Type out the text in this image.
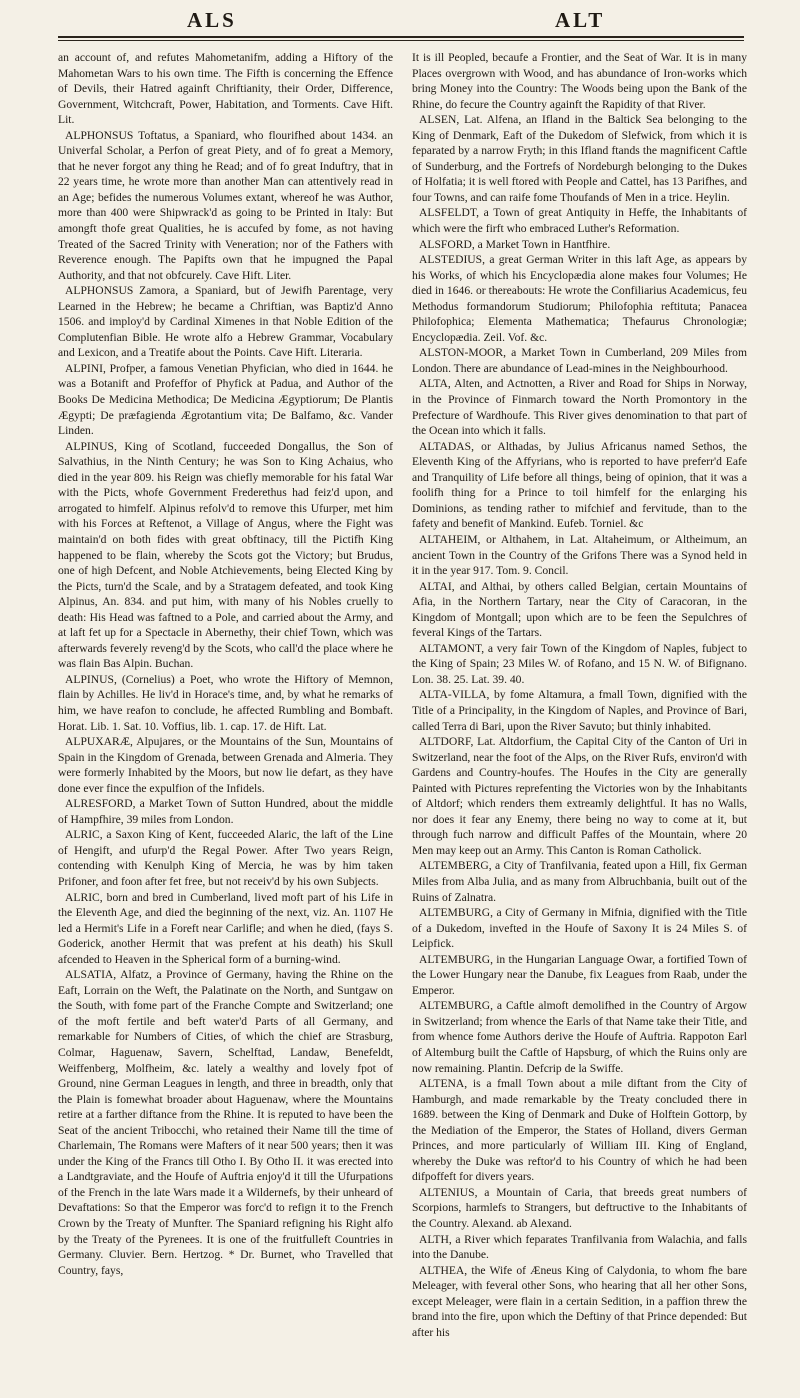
ALS	ALT

an account of, and refutes Mahometanifm, adding a Hiftory of the Mahometan Wars to his own time. The Fifth is concerning the Effence of Devils, their Hatred againft Chriftianity, their Order, Difference, Government, Witchcraft, Power, Habitation, and Torments. Cave Hift. Lit.

ALPHONSUS Toftatus, a Spaniard, who flourifhed about 1434. an Univerfal Scholar, a Perfon of great Piety, and of fo great a Memory, that he never forgot any thing he Read; and of fo great Induftry, that in 22 years time, he wrote more than another Man can attentively read in an Age; befides the numerous Volumes extant, whereof he was Author, more than 400 were Shipwrack'd as going to be Printed in Italy: But amongft thofe great Qualities, he is accufed by fome, as not having Treated of the Sacred Trinity with Veneration; nor of the Fathers with Reverence enough. The Papifts own that he impugned the Papal Authority, and that not obfcurely. Cave Hift. Liter.

ALPHONSUS Zamora, a Spaniard, but of Jewifh Parentage, very Learned in the Hebrew; he became a Chriftian, was Baptiz'd Anno 1506. and imploy'd by Cardinal Ximenes in that Noble Edition of the Complutenfian Bible. He wrote alfo a Hebrew Grammar, Vocabulary and Lexicon, and a Treatife about the Points. Cave Hift. Literaria.

ALPINI, Profper, a famous Venetian Phyfician, who died in 1644. he was a Botanift and Profeffor of Phyfick at Padua, and Author of the Books De Medicina Methodica; De Medicina Ægyptiorum; De Plantis Ægypti; De præfagienda Ægrotantium vita; De Balfamo, &c. Vander Linden.

ALPINUS, King of Scotland, fucceeded Dongallus, the Son of Salvathius, in the Ninth Century; he was Son to King Achaius, who died in the year 809. his Reign was chiefly memorable for his fatal War with the Picts, whofe Government Frederethus had feiz'd upon, and arrogated to himfelf. Alpinus refolv'd to remove this Ufurper, met him with his Forces at Reftenot, a Village of Angus, where the Fight was maintain'd on both fides with great obftinacy, till the Pictifh King happened to be flain, whereby the Scots got the Victory; but Brudus, one of high Defcent, and Noble Atchievements, being Elected King by the Picts, turn'd the Scale, and by a Stratagem defeated, and took King Alpinus, An. 834. and put him, with many of his Nobles cruelly to death: His Head was faftned to a Pole, and carried about the Army, and at laft fet up for a Spectacle in Abernethy, their chief Town, which was afterwards feverely reveng'd by the Scots, who call'd the place where he was flain Bas Alpin. Buchan.

ALPINUS, (Cornelius) a Poet, who wrote the Hiftory of Memnon, flain by Achilles. He liv'd in Horace's time, and, by what he remarks of him, we have reafon to conclude, he affected Rumbling and Bombaft. Horat. Lib. 1. Sat. 10. Voffius, lib. 1. cap. 17. de Hift. Lat.

ALPUXARÆ, Alpujares, or the Mountains of the Sun, Mountains of Spain in the Kingdom of Grenada, between Grenada and Almeria. They were formerly Inhabited by the Moors, but now lie defart, as they have done ever fince the expulfion of the Infidels.

ALRESFORD, a Market Town of Sutton Hundred, about the middle of Hampfhire, 39 miles from London.

ALRIC, a Saxon King of Kent, fucceeded Alaric, the laft of the Line of Hengift, and ufurp'd the Regal Power. After Two years Reign, contending with Kenulph King of Mercia, he was by him taken Prifoner, and foon after fet free, but not receiv'd by his own Subjects.

ALRIC, born and bred in Cumberland, lived moft part of his Life in the Eleventh Age, and died the beginning of the next, viz. An. 1107 He led a Hermit's Life in a Foreft near Carlifle; and when he died, (fays S. Goderick, another Hermit that was prefent at his death) his Skull afcended to Heaven in the Spherical form of a burning-wind.

ALSATIA, Alfatz, a Province of Germany, having the Rhine on the Eaft, Lorrain on the Weft, the Palatinate on the North, and Suntgaw on the South, with fome part of the Franche Compte and Switzerland; one of the moft fertile and beft water'd Parts of all Germany, and remarkable for Numbers of Cities, of which the chief are Strasburg, Colmar, Haguenaw, Savern, Schelftad, Landaw, Benefeldt, Weiffenberg, Molfheim, &c. lately a wealthy and lovely fpot of Ground, nine German Leagues in length, and three in breadth, only that the Plain is fomewhat broader about Haguenaw, where the Mountains retire at a farther diftance from the Rhine. It is reputed to have been the Seat of the ancient Tribocchi, who retained their Name till the time of Charlemain, The Romans were Mafters of it near 500 years; then it was under the King of the Francs till Otho I. By Otho II. it was erected into a Landtgraviate, and the Houfe of Auftria enjoy'd it till the Ufurpations of the French in the late Wars made it a Wildernefs, by their unheard of Devaftations: So that the Emperor was forc'd to refign it to the French Crown by the Treaty of Munfter. The Spaniard refigning his Right alfo by the Treaty of the Pyrenees. It is one of the fruitfulleft Countries in Germany. Cluvier. Bern. Hertzog. * Dr. Burnet, who Travelled that Country, fays,

It is ill Peopled, becaufe a Frontier, and the Seat of War. It is in many Places overgrown with Wood, and has abundance of Iron-works which bring Money into the Country: The Woods being upon the Bank of the Rhine, do fecure the Country againft the Rapidity of that River.

ALSEN, Lat. Alfena, an Ifland in the Baltick Sea belonging to the King of Denmark, Eaft of the Dukedom of Slefwick, from which it is feparated by a narrow Fryth; in this Ifland ftands the magnificent Caftle of Sunderburg, and the Fortrefs of Nordeburgh belonging to the Dukes of Holfatia; it is well ftored with People and Cattel, has 13 Parifhes, and four Towns, and can raife fome Thoufands of Men in a trice. Heylin.

ALSFELDT, a Town of great Antiquity in Heffe, the Inhabitants of which were the firft who embraced Luther's Reformation.

ALSFORD, a Market Town in Hantfhire.

ALSTEDIUS, a great German Writer in this laft Age, as appears by his Works, of which his Encyclopædia alone makes four Volumes; He died in 1646. or thereabouts: He wrote the Confiliarius Academicus, feu Methodus formandorum Studiorum; Philofophia reftituta; Panacea Philofophica; Elementa Mathematica; Thefaurus Chronologiæ; Encyclopædia. Zeil. Vof. &c.

ALSTON-MOOR, a Market Town in Cumberland, 209 Miles from London. There are abundance of Lead-mines in the Neighbourhood.

ALTA, Alten, and Actnotten, a River and Road for Ships in Norway, in the Province of Finmarch toward the North Promontory in the Prefecture of Wardhoufe. This River gives denomination to that part of the Ocean into which it falls.

ALTADAS, or Althadas, by Julius Africanus named Sethos, the Eleventh King of the Affyrians, who is reported to have preferr'd Eafe and Tranquility of Life before all things, being of opinion, that it was a foolifh thing for a Prince to toil himfelf for the enlarging his Dominions, as tending rather to mifchief and fervitude, than to the fafety and benefit of Mankind. Eufeb. Torniel. &c

ALTAHEIM, or Althahem, in Lat. Altaheimum, or Altheimum, an ancient Town in the Country of the Grifons There was a Synod held in it in the year 917. Tom. 9. Concil.

ALTAI, and Althai, by others called Belgian, certain Mountains of Afia, in the Northern Tartary, near the City of Caracoran, in the Kingdom of Montgall; upon which are to be feen the Sepulchres of feveral Kings of the Tartars.

ALTAMONT, a very fair Town of the Kingdom of Naples, fubject to the King of Spain; 23 Miles W. of Rofano, and 15 N. W. of Bifignano. Lon. 38. 25. Lat. 39. 40.

ALTA-VILLA, by fome Altamura, a fmall Town, dignified with the Title of a Principality, in the Kingdom of Naples, and Province of Bari, called Terra di Bari, upon the River Savuto; but thinly inhabited.

ALTDORF, Lat. Altdorfium, the Capital City of the Canton of Uri in Switzerland, near the foot of the Alps, on the River Rufs, environ'd with Gardens and Country-houfes. The Houfes in the City are generally Painted with Pictures reprefenting the Victories won by the Inhabitants of Altdorf; which renders them extreamly delightful. It has no Walls, nor does it fear any Enemy, there being no way to come at it, but through fuch narrow and difficult Paffes of the Mountain, where 20 Men may keep out an Army. This Canton is Roman Catholick.

ALTEMBERG, a City of Tranfilvania, feated upon a Hill, fix German Miles from Alba Julia, and as many from Albruchbania, built out of the Ruins of Zalnatra.

ALTEMBURG, a City of Germany in Mifnia, dignified with the Title of a Dukedom, invefted in the Houfe of Saxony It is 24 Miles S. of Leipfick.

ALTEMBURG, in the Hungarian Language Owar, a fortified Town of the Lower Hungary near the Danube, fix Leagues from Raab, under the Emperor.

ALTEMBURG, a Caftle almoft demolifhed in the Country of Argow in Switzerland; from whence the Earls of that Name take their Title, and from whence fome Authors derive the Houfe of Auftria. Rappoton Earl of Altemburg built the Caftle of Hapsburg, of which the Ruins only are now remaining. Plantin. Defcrip de la Swiffe.

ALTENA, is a fmall Town about a mile diftant from the City of Hamburgh, and made remarkable by the Treaty concluded there in 1689. between the King of Denmark and Duke of Holftein Gottorp, by the Mediation of the Emperor, the States of Holland, divers German Princes, and more particularly of William III. King of England, whereby the Duke was reftor'd to his Country of which he had been difpoffeft for divers years.

ALTENIUS, a Mountain of Caria, that breeds great numbers of Scorpions, harmlefs to Strangers, but deftructive to the Inhabitants of the Country. Alexand. ab Alexand.

ALTH, a River which feparates Tranfilvania from Walachia, and falls into the Danube.

ALTHEA, the Wife of Æneus King of Calydonia, to whom fhe bare Meleager, with feveral other Sons, who hearing that all her other Sons, except Meleager, were flain in a certain Sedition, in a paffion threw the brand into the fire, upon which the Deftiny of that Prince depended: But after his
